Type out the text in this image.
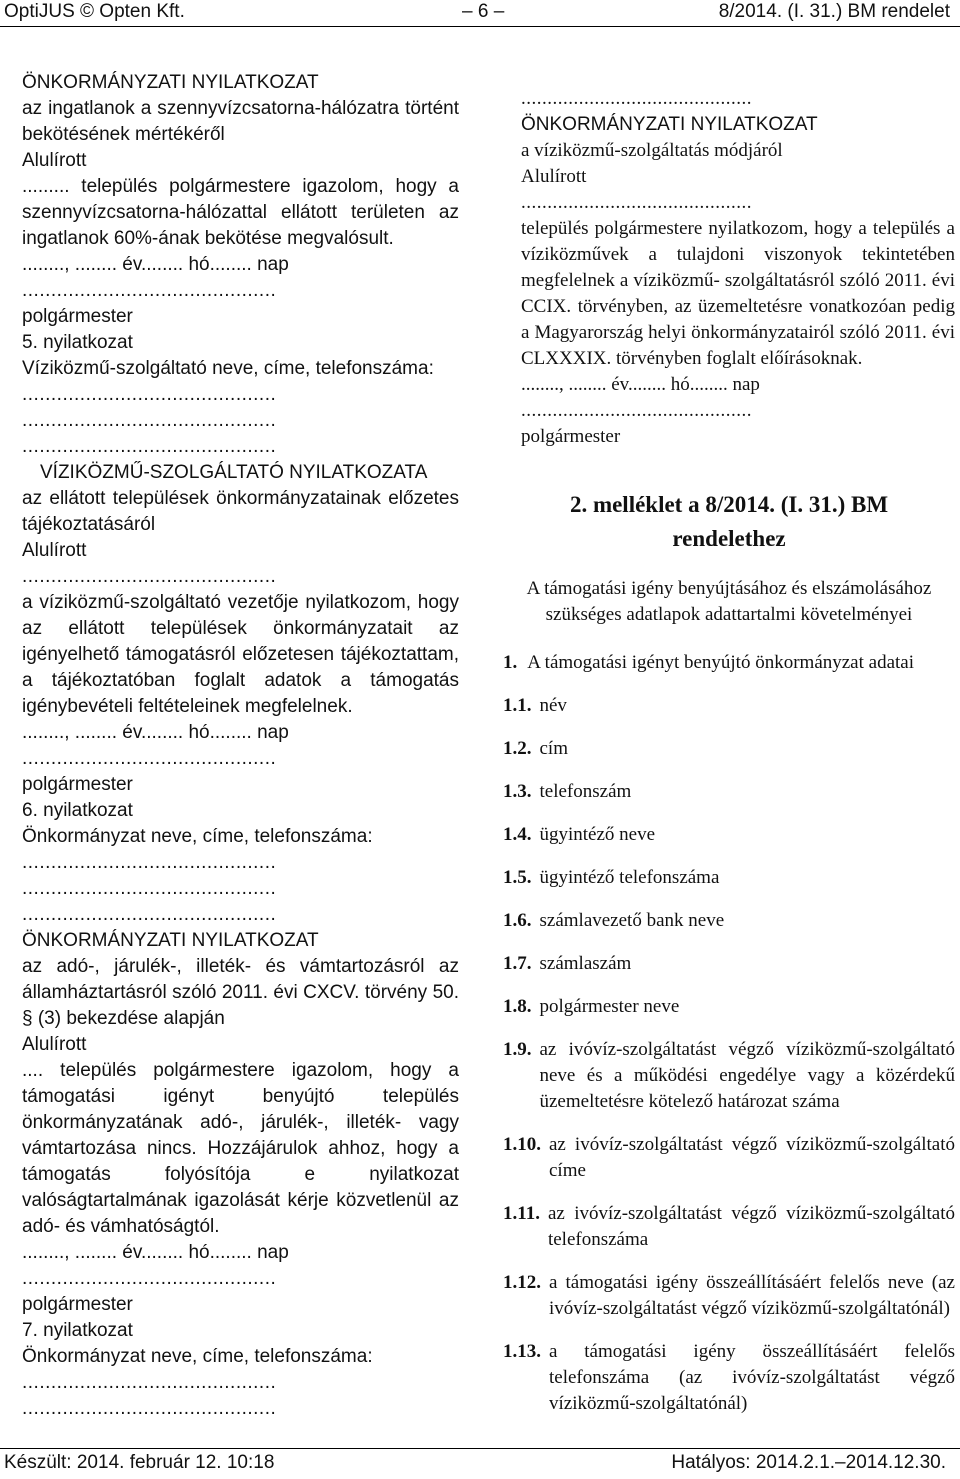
OptiJUS © Opten Kft.	– 6 –	8/2014. (I. 31.) BM rendelet

ÖNKORMÁNYZATI NYILATKOZAT

az ingatlanok a szennyvízcsatorna-hálózatra történt bekötésének mértékéről

Alulírott

......... település polgármestere igazolom, hogy a szennyvízcsatorna-hálózattal ellátott területen az ingatlanok 60%-ának bekötése megvalósult.

........, ........ év........ hó........ nap

............................................

polgármester

5. nyilatkozat

Víziközmű-szolgáltató neve, címe, telefonszáma:

............................................

............................................

............................................

VÍZIKÖZMŰ-SZOLGÁLTATÓ NYILATKOZATA

az ellátott települések önkormányzatainak előzetes tájékoztatásáról

Alulírott

............................................

a víziközmű-szolgáltató vezetője nyilatkozom, hogy az ellátott települések önkormányzatait az igényelhető támogatásról előzetesen tájékoztattam, a tájékoztatóban foglalt adatok a támogatás igénybevételi feltételeinek megfelelnek.

........, ........ év........ hó........ nap

............................................

polgármester

6. nyilatkozat

Önkormányzat neve, címe, telefonszáma:

............................................

............................................

............................................

ÖNKORMÁNYZATI NYILATKOZAT

az adó-, járulék-, illeték- és vámtartozásról az államháztartásról szóló 2011. évi CXCV. törvény 50. § (3) bekezdése alapján

Alulírott

.... település polgármestere igazolom, hogy a támogatási igényt benyújtó település önkormányzatának adó-, járulék-, illeték- vagy vámtartozása nincs. Hozzájárulok ahhoz, hogy a támogatás folyósítója e nyilatkozat valóságtartalmának igazolását kérje közvetlenül az adó- és vámhatóságtól.

........, ........ év........ hó........ nap

............................................

polgármester

7. nyilatkozat

Önkormányzat neve, címe, telefonszáma:

............................................

............................................

............................................

ÖNKORMÁNYZATI NYILATKOZAT

a víziközmű-szolgáltatás módjáról

Alulírott

............................................

település polgármestere nyilatkozom, hogy a település a víziközművek a tulajdoni viszonyok tekintetében megfelelnek a víziközmű- szolgáltatásról szóló 2011. évi CCIX. törvényben, az üzemeltetésre vonatkozóan pedig a Magyarország helyi önkormányzatairól szóló 2011. évi CLXXXIX. törvényben foglalt előírásoknak.

........, ........ év........ hó........ nap

............................................

polgármester

2. melléklet a 8/2014. (I. 31.) BM rendelethez

A támogatási igény benyújtásához és elszámolásához szükséges adatlapok adattartalmi követelményei

1. A támogatási igényt benyújtó önkormányzat adatai

1.1. név

1.2. cím

1.3. telefonszám

1.4. ügyintéző neve

1.5. ügyintéző telefonszáma

1.6. számlavezető bank neve

1.7. számlaszám

1.8. polgármester neve

1.9. az ivóvíz-szolgáltatást végző víziközmű-szolgáltató neve és a működési engedélye vagy a közérdekű üzemeltetésre kötelező határozat száma

1.10. az ivóvíz-szolgáltatást végző víziközmű-szolgáltató címe

1.11. az ivóvíz-szolgáltatást végző víziközmű-szolgáltató telefonszáma

1.12. a támogatási igény összeállításáért felelős neve (az ivóvíz-szolgáltatást végző víziközmű-szolgáltatónál)

1.13. a támogatási igény összeállításáért felelős telefonszáma (az ivóvíz-szolgáltatást végző víziközmű-szolgáltatónál)

Készült: 2014. február 12. 10:18	Hatályos: 2014.2.1.–2014.12.30.
